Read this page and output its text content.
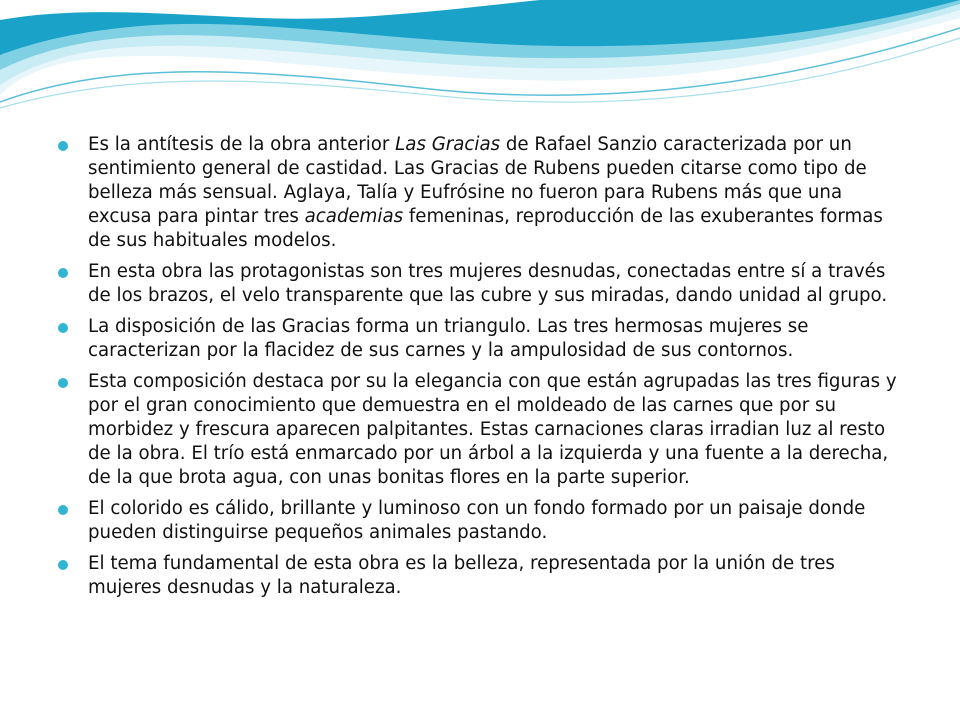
Es la antítesis de la obra anterior Las Gracias de Rafael Sanzio caracterizada por un sentimiento general de castidad. Las Gracias de Rubens pueden citarse como tipo de belleza más sensual. Aglaya, Talía y Eufrósine no fueron para Rubens más que una excusa para pintar tres academias femeninas, reproducción de las exuberantes formas de sus habituales modelos.
En esta obra las protagonistas son tres mujeres desnudas, conectadas entre sí a través de los brazos, el velo transparente que las cubre y sus miradas, dando unidad al grupo.
La disposición de las Gracias forma un triangulo. Las tres hermosas mujeres se caracterizan por la flacidez de sus carnes y la ampulosidad de sus contornos.
Esta composición destaca por su la elegancia con que están agrupadas las tres figuras y por el gran conocimiento que demuestra en el moldeado de las carnes que por su morbidez y frescura aparecen palpitantes. Estas carnaciones claras irradian luz al resto de la obra. El trío está enmarcado por un árbol a la izquierda y una fuente a la derecha, de la que brota agua, con unas bonitas flores en la parte superior.
El colorido es cálido, brillante y luminoso con un fondo formado por un paisaje donde pueden distinguirse pequeños animales pastando.
El tema fundamental de esta obra es la belleza, representada por la unión de tres mujeres desnudas y la naturaleza.
